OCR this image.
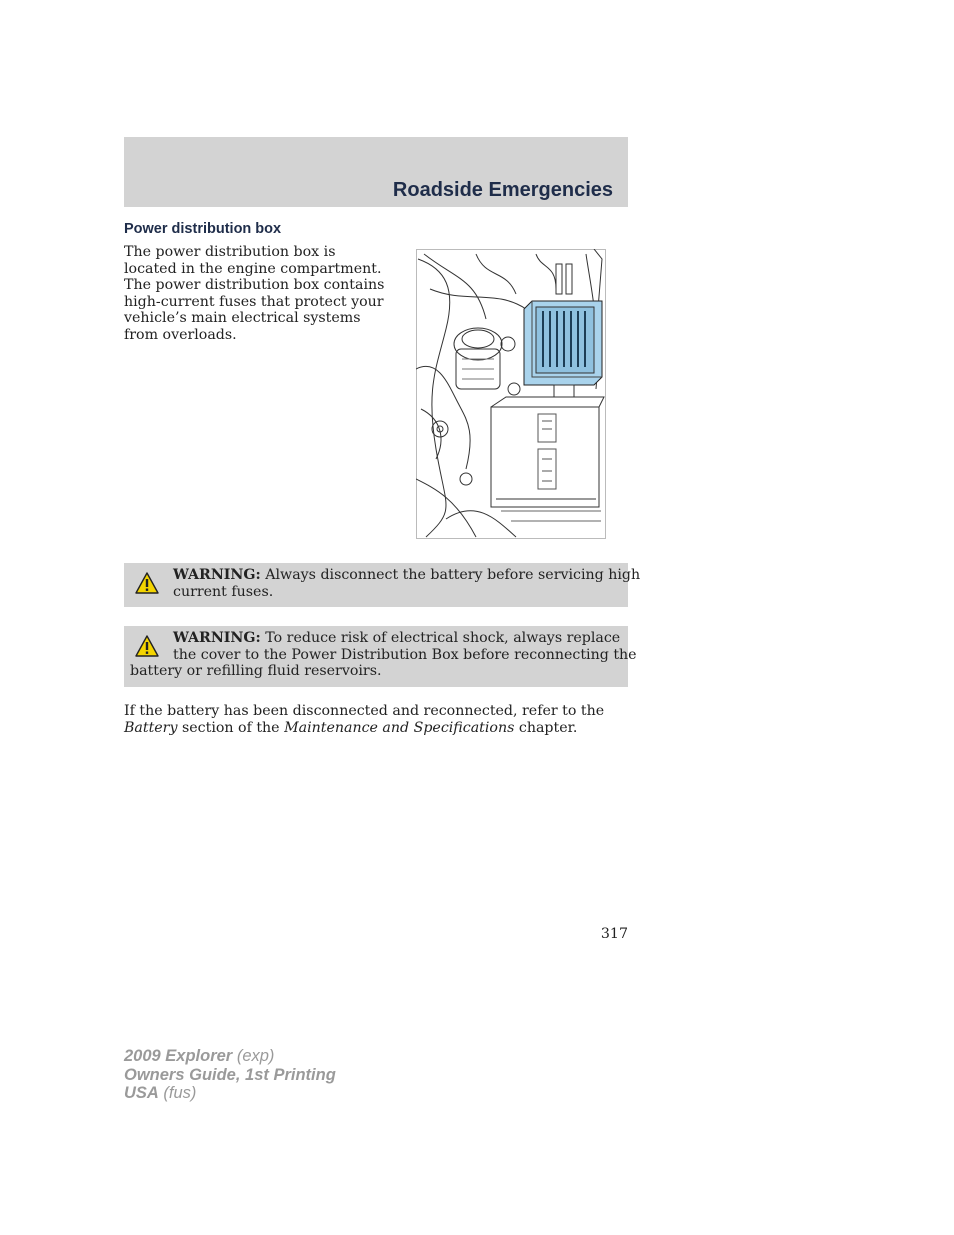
Roadside Emergencies
Power distribution box
The power distribution box is
located in the engine compartment.
The power distribution box contains
high-current fuses that protect your
vehicle’s main electrical systems
from overloads.
WARNING: Always disconnect the battery before servicing high
current fuses.
WARNING: To reduce risk of electrical shock, always replace
the cover to the Power Distribution Box before reconnecting the
battery or refilling fluid reservoirs.
If the battery has been disconnected and reconnected, refer to the
Battery section of the Maintenance and Specifications chapter.
317
2009 Explorer (exp)
Owners Guide, 1st Printing
USA (fus)
